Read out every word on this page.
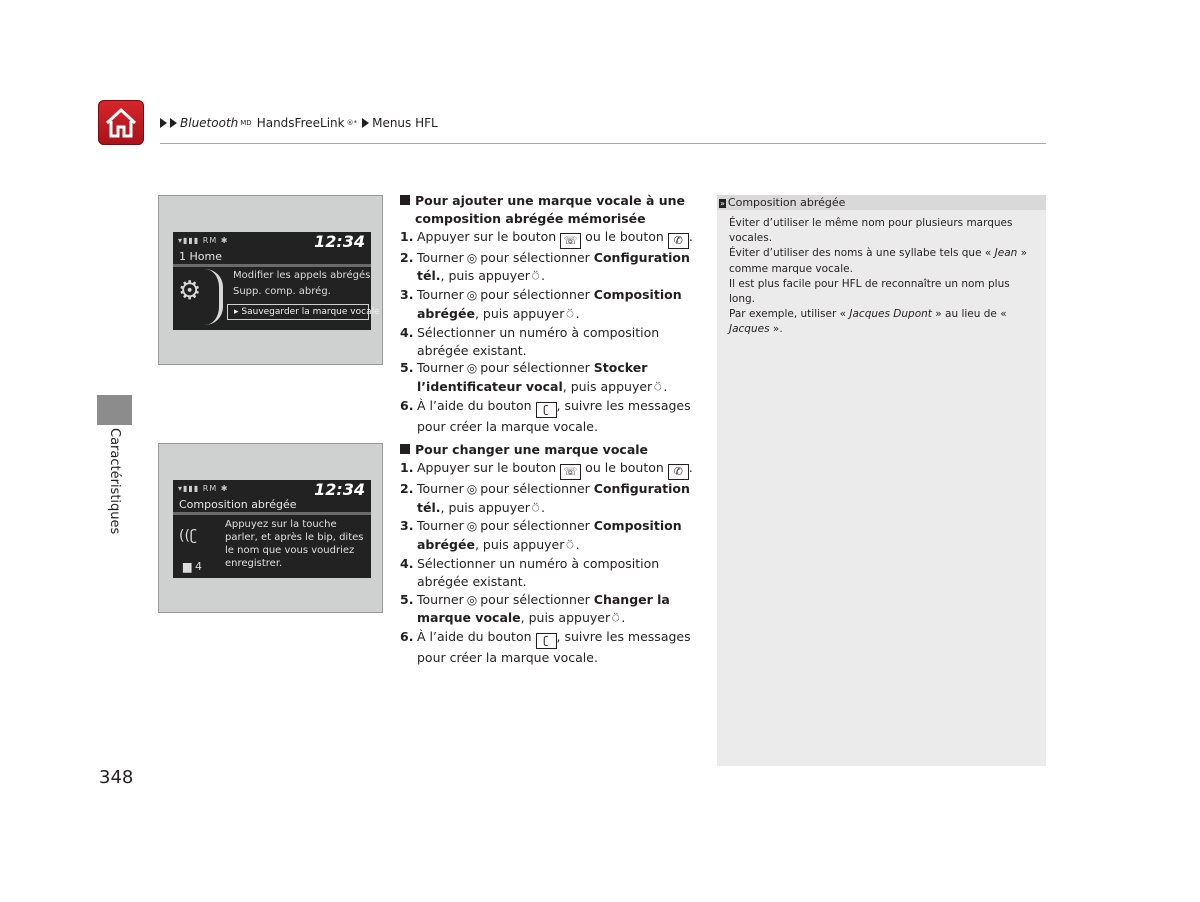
Bluetooth MD HandsFreeLink ®* Menus HFL
Caractéristiques
348
▾▮▮▮ RM ✱	12:34
1 Home
⚙
Modifier les appels abrégés
Supp. comp. abrég.
▸ Sauvegarder la marque vocale
▾▮▮▮ RM ✱	12:34
Composition abrégée
((ʗ
▆ 4
Appuyez sur la touche parler, et après le bip, dites le nom que vous voudriez enregistrer.
Pour ajouter une marque vocale à une composition abrégée mémorisée
1. Appuyer sur le bouton ☏ ou le bouton ✆ .
2. Tourner ◎ pour sélectionner Configuration tél., puis appuyer ⍥ .
3. Tourner ◎ pour sélectionner Composition abrégée, puis appuyer ⍥ .
4. Sélectionner un numéro à composition abrégée existant.
5. Tourner ◎ pour sélectionner Stocker l’identificateur vocal, puis appuyer ⍥ .
6. À l’aide du bouton ʗ , suivre les messages pour créer la marque vocale.
Pour changer une marque vocale
1. Appuyer sur le bouton ☏ ou le bouton ✆ .
2. Tourner ◎ pour sélectionner Configuration tél., puis appuyer ⍥ .
3. Tourner ◎ pour sélectionner Composition abrégée, puis appuyer ⍥ .
4. Sélectionner un numéro à composition abrégée existant.
5. Tourner ◎ pour sélectionner Changer la marque vocale, puis appuyer ⍥ .
6. À l’aide du bouton ʗ , suivre les messages pour créer la marque vocale.
» Composition abrégée
Éviter d’utiliser le même nom pour plusieurs marques vocales.
Éviter d’utiliser des noms à une syllabe tels que « Jean » comme marque vocale.
Il est plus facile pour HFL de reconnaître un nom plus long.
Par exemple, utiliser « Jacques Dupont » au lieu de « Jacques ».
